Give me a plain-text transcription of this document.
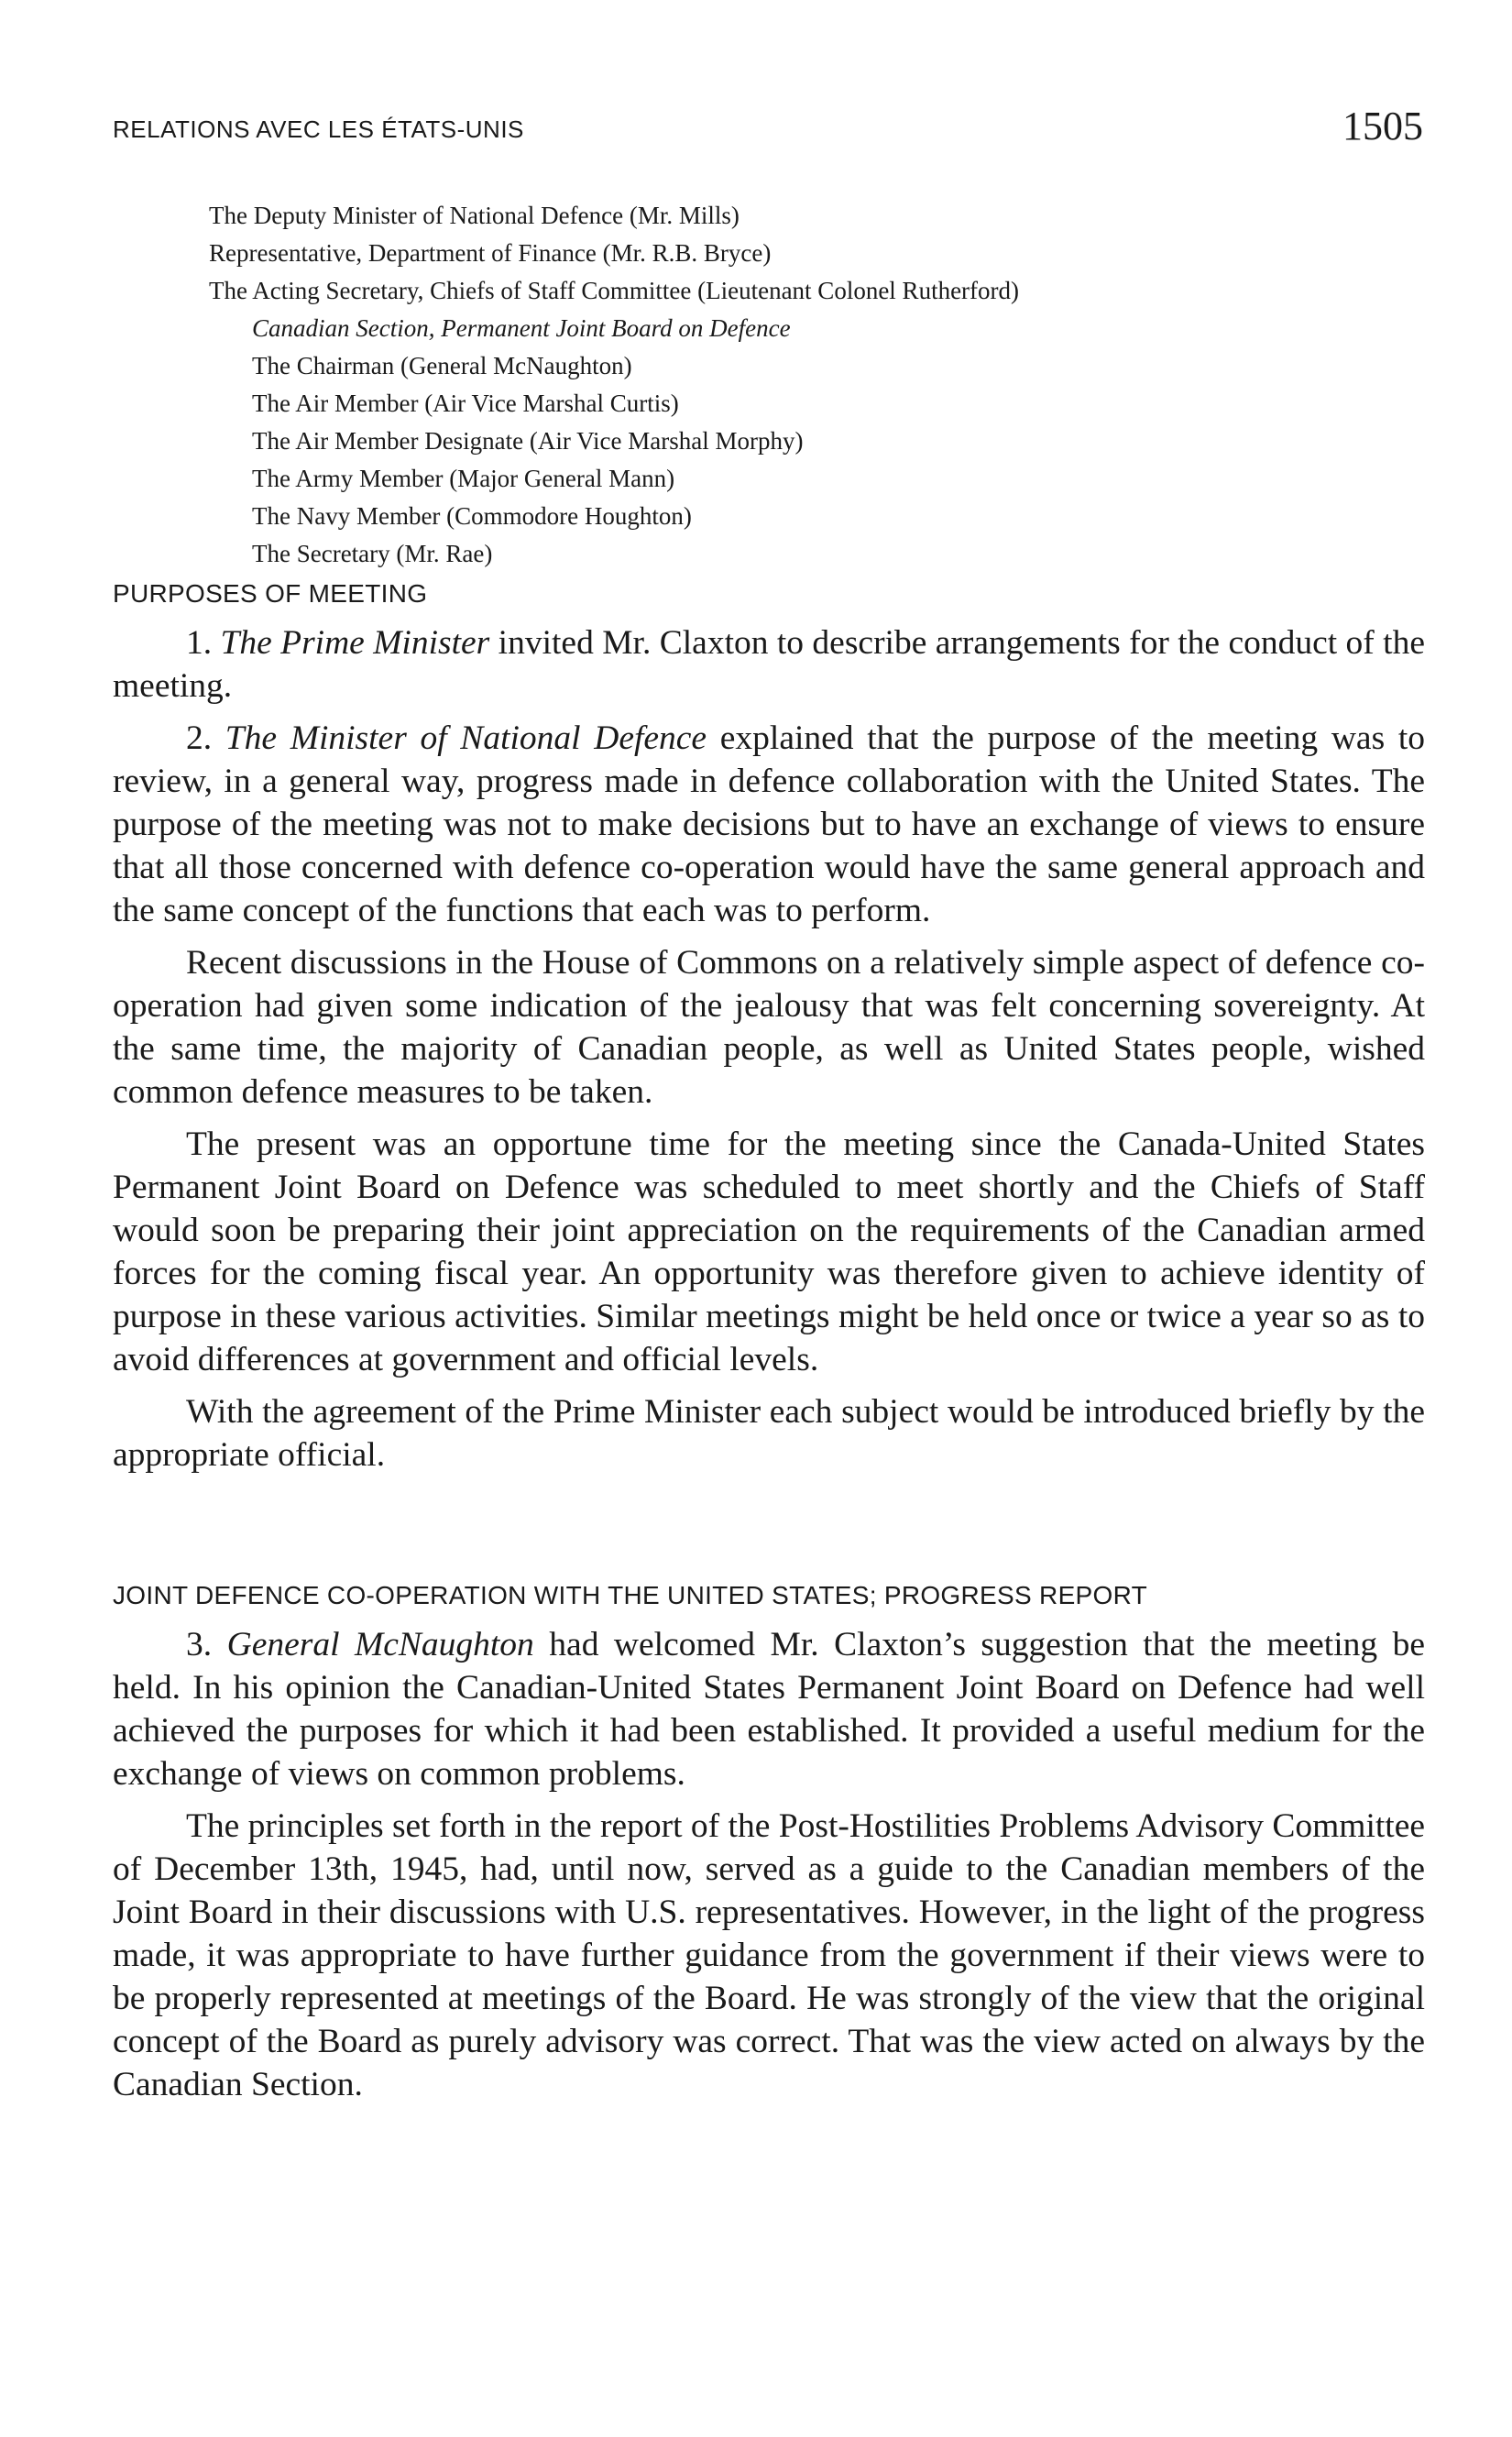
RELATIONS AVEC LES ÉTATS-UNIS	1505
The Deputy Minister of National Defence (Mr. Mills)
Representative, Department of Finance (Mr. R.B. Bryce)
The Acting Secretary, Chiefs of Staff Committee (Lieutenant Colonel Rutherford)
Canadian Section, Permanent Joint Board on Defence
The Chairman (General McNaughton)
The Air Member (Air Vice Marshal Curtis)
The Air Member Designate (Air Vice Marshal Morphy)
The Army Member (Major General Mann)
The Navy Member (Commodore Houghton)
The Secretary (Mr. Rae)
PURPOSES OF MEETING

1. The Prime Minister invited Mr. Claxton to describe arrangements for the conduct of the meeting.

2. The Minister of National Defence explained that the purpose of the meeting was to review, in a general way, progress made in defence collaboration with the United States. The purpose of the meeting was not to make decisions but to have an exchange of views to ensure that all those concerned with defence co-operation would have the same general approach and the same concept of the functions that each was to perform.

Recent discussions in the House of Commons on a relatively simple aspect of defence co-operation had given some indication of the jealousy that was felt concerning sovereignty. At the same time, the majority of Canadian people, as well as United States people, wished common defence measures to be taken.

The present was an opportune time for the meeting since the Canada-United States Permanent Joint Board on Defence was scheduled to meet shortly and the Chiefs of Staff would soon be preparing their joint appreciation on the requirements of the Canadian armed forces for the coming fiscal year. An opportunity was therefore given to achieve identity of purpose in these various activities. Similar meetings might be held once or twice a year so as to avoid differences at government and official levels.

With the agreement of the Prime Minister each subject would be introduced briefly by the appropriate official.

JOINT DEFENCE CO-OPERATION WITH THE UNITED STATES; PROGRESS REPORT

3. General McNaughton had welcomed Mr. Claxton’s suggestion that the meeting be held. In his opinion the Canadian-United States Permanent Joint Board on Defence had well achieved the purposes for which it had been established. It provided a useful medium for the exchange of views on common problems.

The principles set forth in the report of the Post-Hostilities Problems Advisory Committee of December 13th, 1945, had, until now, served as a guide to the Canadian members of the Joint Board in their discussions with U.S. representatives. However, in the light of the progress made, it was appropriate to have further guidance from the government if their views were to be properly represented at meetings of the Board. He was strongly of the view that the original concept of the Board as purely advisory was correct. That was the view acted on always by the Canadian Section.
